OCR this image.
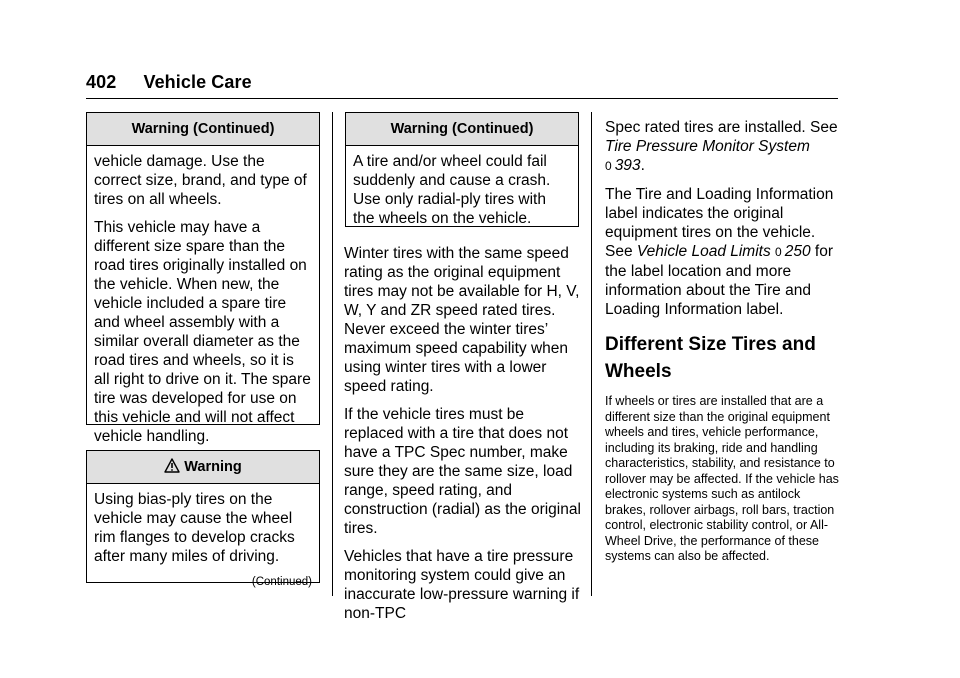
402 Vehicle Care
Warning (Continued)

vehicle damage. Use the correct size, brand, and type of tires on all wheels.

This vehicle may have a different size spare than the road tires originally installed on the vehicle. When new, the vehicle included a spare tire and wheel assembly with a similar overall diameter as the road tires and wheels, so it is all right to drive on it. The spare tire was developed for use on this vehicle and will not affect vehicle handling.

Warning

Using bias-ply tires on the vehicle may cause the wheel rim flanges to develop cracks after many miles of driving.

(Continued)
Warning (Continued)

A tire and/or wheel could fail suddenly and cause a crash. Use only radial-ply tires with the wheels on the vehicle.

Winter tires with the same speed rating as the original equipment tires may not be available for H, V, W, Y and ZR speed rated tires. Never exceed the winter tires’ maximum speed capability when using winter tires with a lower speed rating.

If the vehicle tires must be replaced with a tire that does not have a TPC Spec number, make sure they are the same size, load range, speed rating, and construction (radial) as the original tires.

Vehicles that have a tire pressure monitoring system could give an inaccurate low-pressure warning if non-TPC

Spec rated tires are installed. See Tire Pressure Monitor System 0 393.

The Tire and Loading Information label indicates the original equipment tires on the vehicle. See Vehicle Load Limits 0 250 for the label location and more information about the Tire and Loading Information label.

Different Size Tires and Wheels

If wheels or tires are installed that are a different size than the original equipment wheels and tires, vehicle performance, including its braking, ride and handling characteristics, stability, and resistance to rollover may be affected. If the vehicle has electronic systems such as antilock brakes, rollover airbags, roll bars, traction control, electronic stability control, or All-Wheel Drive, the performance of these systems can also be affected.
